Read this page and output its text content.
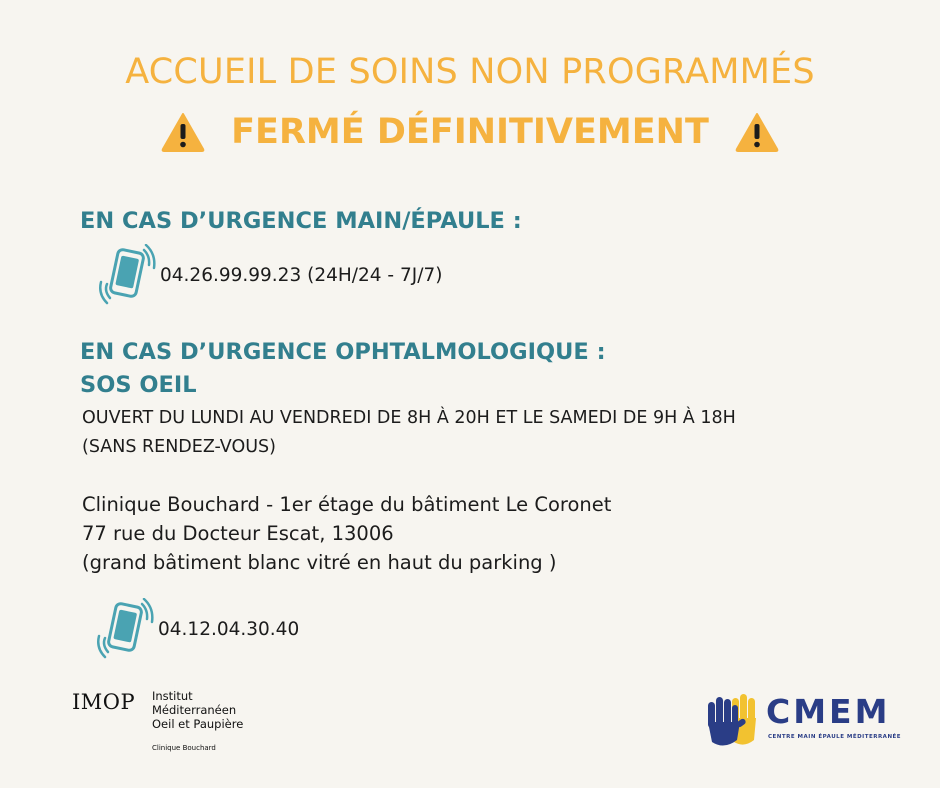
ACCUEIL DE SOINS NON PROGRAMMÉS
FERMÉ DÉFINITIVEMENT
EN CAS D’URGENCE MAIN/ÉPAULE :
04.26.99.99.23 (24H/24 - 7J/7)
EN CAS D’URGENCE OPHTALMOLOGIQUE :
SOS OEIL
OUVERT DU LUNDI AU VENDREDI DE 8H À 20H ET LE SAMEDI DE 9H À 18H
(SANS RENDEZ-VOUS)
Clinique Bouchard - 1er étage du bâtiment Le Coronet
77 rue du Docteur Escat, 13006
(grand bâtiment blanc vitré en haut du parking )
04.12.04.30.40
IMOP Institut
Méditerranéen
Oeil et Paupière
Clinique Bouchard
CMEM
CENTRE MAIN ÉPAULE MÉDITERRANÉE
